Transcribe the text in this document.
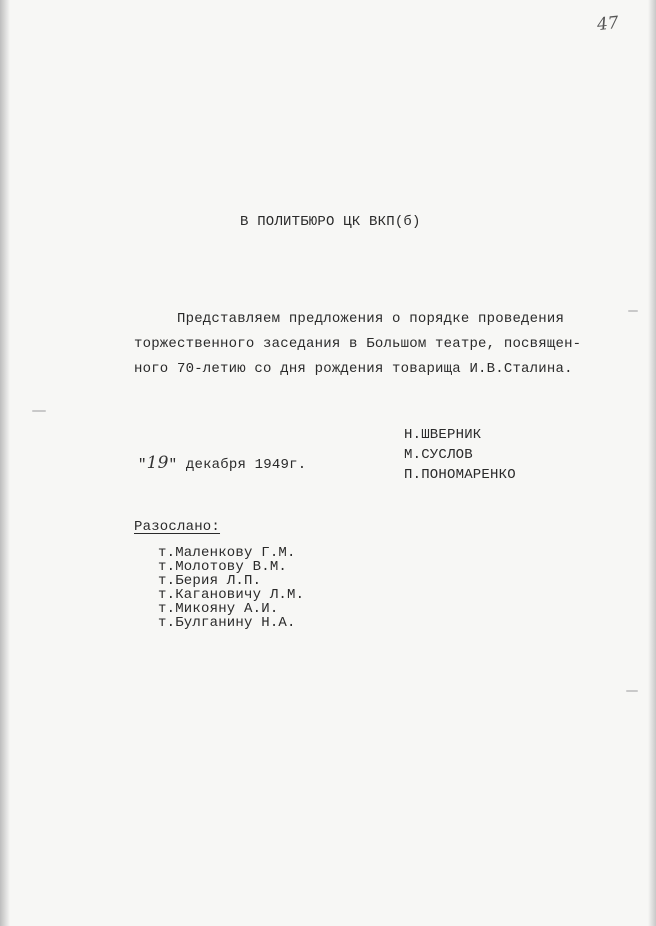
47
В ПОЛИТБЮРО ЦК ВКП(б)
Представляем предложения о порядке проведения
торжественного заседания в Большом театре, посвящен-
ного 70-летию со дня рождения товарища И.В.Сталина.
Н.ШВЕРНИК
М.СУСЛОВ
П.ПОНОМАРЕНКО
"19" декабря 1949г.
Разослано:
т.Маленкову Г.М.
т.Молотову В.М.
т.Берия Л.П.
т.Кагановичу Л.М.
т.Микояну А.И.
т.Булганину Н.А.
